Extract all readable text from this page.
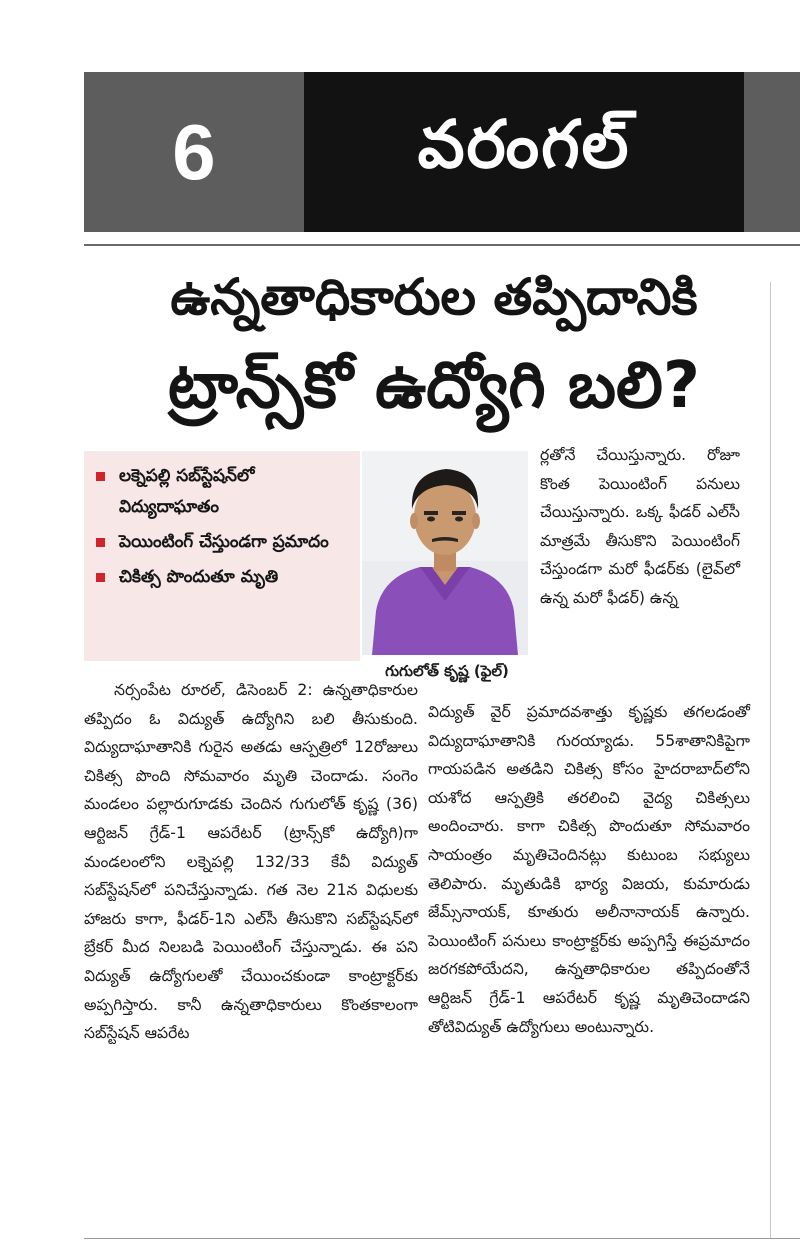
6	వరంగల్
ఉన్నతాధికారుల తప్పిదానికి
ట్రాన్స్‌కో ఉద్యోగి బలి?
లక్నెపల్లి సబ్‌స్టేషన్‌లో విద్యుదాఘాతం
పెయింటింగ్ చేస్తుండగా ప్రమాదం
చికిత్స పొందుతూ మృతి
గుగులోత్ కృష్ణ (ఫైల్)
నర్సంపేట రూరల్, డిసెంబర్ 2: ఉన్నతాధికారుల తప్పిదం ఓ విద్యుత్ ఉద్యోగిని బలి తీసుకుంది. విద్యుదాఘాతానికి గురైన అతడు ఆస్పత్రిలో 12రోజులు చికిత్స పొంది సోమవారం మృతి చెందాడు. సంగెం మండలం పల్లారుగూడకు చెందిన గుగులోత్ కృష్ణ (36) ఆర్టిజన్ గ్రేడ్-1 ఆపరేటర్ (ట్రాన్స్‌కో ఉద్యోగి)గా మండలంలోని లక్నెపల్లి 132/33 కేవీ విద్యుత్ సబ్‌స్టేషన్‌లో పనిచేస్తున్నాడు. గత నెల 21న విధులకు హాజరు కాగా, ఫీడర్-1ని ఎల్‌సీ తీసుకొని సబ్‌స్టేషన్‌లో బ్రేకర్ మీద నిలబడి పెయింటింగ్ చేస్తున్నాడు. ఈ పని విద్యుత్ ఉద్యోగులతో చేయించకుండా కాంట్రాక్టర్‌కు అప్పగిస్తారు. కానీ ఉన్నతాధికారులు కొంతకాలంగా సబ్‌స్టేషన్ ఆపరేట
ర్లతోనే చేయిస్తున్నారు. రోజూ కొంత పెయింటింగ్ పనులు చేయిస్తున్నారు. ఒక్క ఫీడర్ ఎల్‌సీ మాత్రమే తీసుకొని పెయింటింగ్ చేస్తుండగా మరో ఫీడర్‌కు (లైవ్‌లో ఉన్న మరో ఫీడర్) ఉన్న
విద్యుత్ వైర్ ప్రమాదవశాత్తు కృష్ణకు తగలడంతో విద్యుదాఘాతానికి గురయ్యాడు. 55శాతానికిపైగా గాయపడిన అతడిని చికిత్స కోసం హైదరాబాద్‌లోని యశోద ఆస్పత్రికి తరలించి వైద్య చికిత్సలు అందించారు. కాగా చికిత్స పొందుతూ సోమవారం సాయంత్రం మృతిచెందినట్లు కుటుంబ సభ్యులు తెలిపారు. మృతుడికి భార్య విజయ, కుమారుడు జేమ్స్‌నాయక్, కూతురు అలీనానాయక్ ఉన్నారు. పెయింటింగ్ పనులు కాంట్రాక్టర్‌కు అప్పగిస్తే ఈప్రమాదం జరగకపోయేదని, ఉన్నతాధికారుల తప్పిదంతోనే ఆర్టిజన్ గ్రేడ్-1 ఆపరేటర్ కృష్ణ మృతిచెందాడని తోటివిద్యుత్ ఉద్యోగులు అంటున్నారు.
